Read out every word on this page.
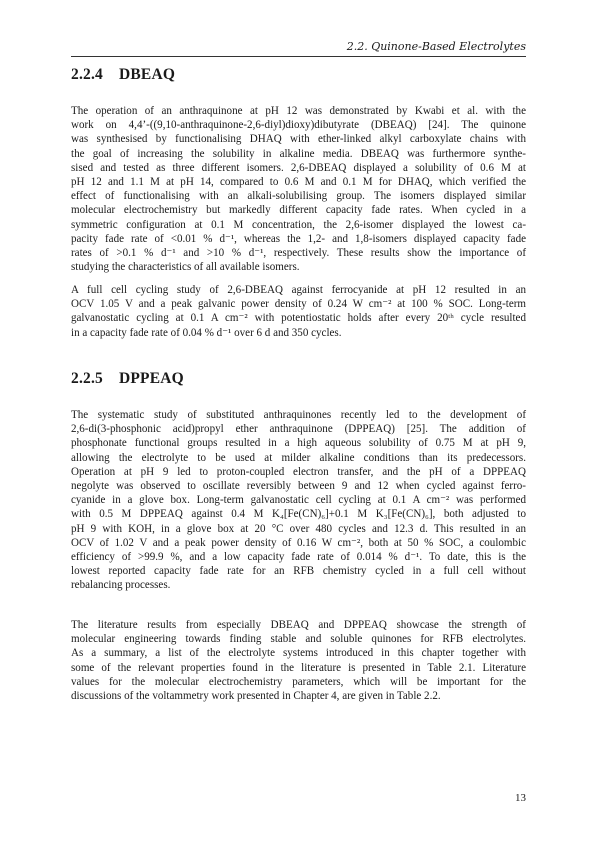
2.2. Quinone-Based Electrolytes
2.2.4 DBEAQ
The operation of an anthraquinone at pH 12 was demonstrated by Kwabi et al. with the
work on 4,4’-((9,10-anthraquinone-2,6-diyl)dioxy)dibutyrate (DBEAQ) [24]. The quinone
was synthesised by functionalising DHAQ with ether-linked alkyl carboxylate chains with
the goal of increasing the solubility in alkaline media. DBEAQ was furthermore synthe-
sised and tested as three different isomers. 2,6-DBEAQ displayed a solubility of 0.6 M at
pH 12 and 1.1 M at pH 14, compared to 0.6 M and 0.1 M for DHAQ, which verified the
effect of functionalising with an alkali-solubilising group. The isomers displayed similar
molecular electrochemistry but markedly different capacity fade rates. When cycled in a
symmetric configuration at 0.1 M concentration, the 2,6-isomer displayed the lowest ca-
pacity fade rate of <0.01 % d⁻¹, whereas the 1,2- and 1,8-isomers displayed capacity fade
rates of >0.1 % d⁻¹ and >10 % d⁻¹, respectively. These results show the importance of
studying the characteristics of all available isomers.
A full cell cycling study of 2,6-DBEAQ against ferrocyanide at pH 12 resulted in an
OCV 1.05 V and a peak galvanic power density of 0.24 W cm⁻² at 100 % SOC. Long-term
galvanostatic cycling at 0.1 A cm⁻² with potentiostatic holds after every 20ᵗʰ cycle resulted
in a capacity fade rate of 0.04 % d⁻¹ over 6 d and 350 cycles.
2.2.5 DPPEAQ
The systematic study of substituted anthraquinones recently led to the development of
2,6-di(3-phosphonic acid)propyl ether anthraquinone (DPPEAQ) [25]. The addition of
phosphonate functional groups resulted in a high aqueous solubility of 0.75 M at pH 9,
allowing the electrolyte to be used at milder alkaline conditions than its predecessors.
Operation at pH 9 led to proton-coupled electron transfer, and the pH of a DPPEAQ
negolyte was observed to oscillate reversibly between 9 and 12 when cycled against ferro-
cyanide in a glove box. Long-term galvanostatic cell cycling at 0.1 A cm⁻² was performed
with 0.5 M DPPEAQ against 0.4 M K₄[Fe(CN)₆]+0.1 M K₃[Fe(CN)₆], both adjusted to
pH 9 with KOH, in a glove box at 20 °C over 480 cycles and 12.3 d. This resulted in an
OCV of 1.02 V and a peak power density of 0.16 W cm⁻², both at 50 % SOC, a coulombic
efficiency of >99.9 %, and a low capacity fade rate of 0.014 % d⁻¹. To date, this is the
lowest reported capacity fade rate for an RFB chemistry cycled in a full cell without
rebalancing processes.
The literature results from especially DBEAQ and DPPEAQ showcase the strength of
molecular engineering towards finding stable and soluble quinones for RFB electrolytes.
As a summary, a list of the electrolyte systems introduced in this chapter together with
some of the relevant properties found in the literature is presented in Table 2.1. Literature
values for the molecular electrochemistry parameters, which will be important for the
discussions of the voltammetry work presented in Chapter 4, are given in Table 2.2.
13
